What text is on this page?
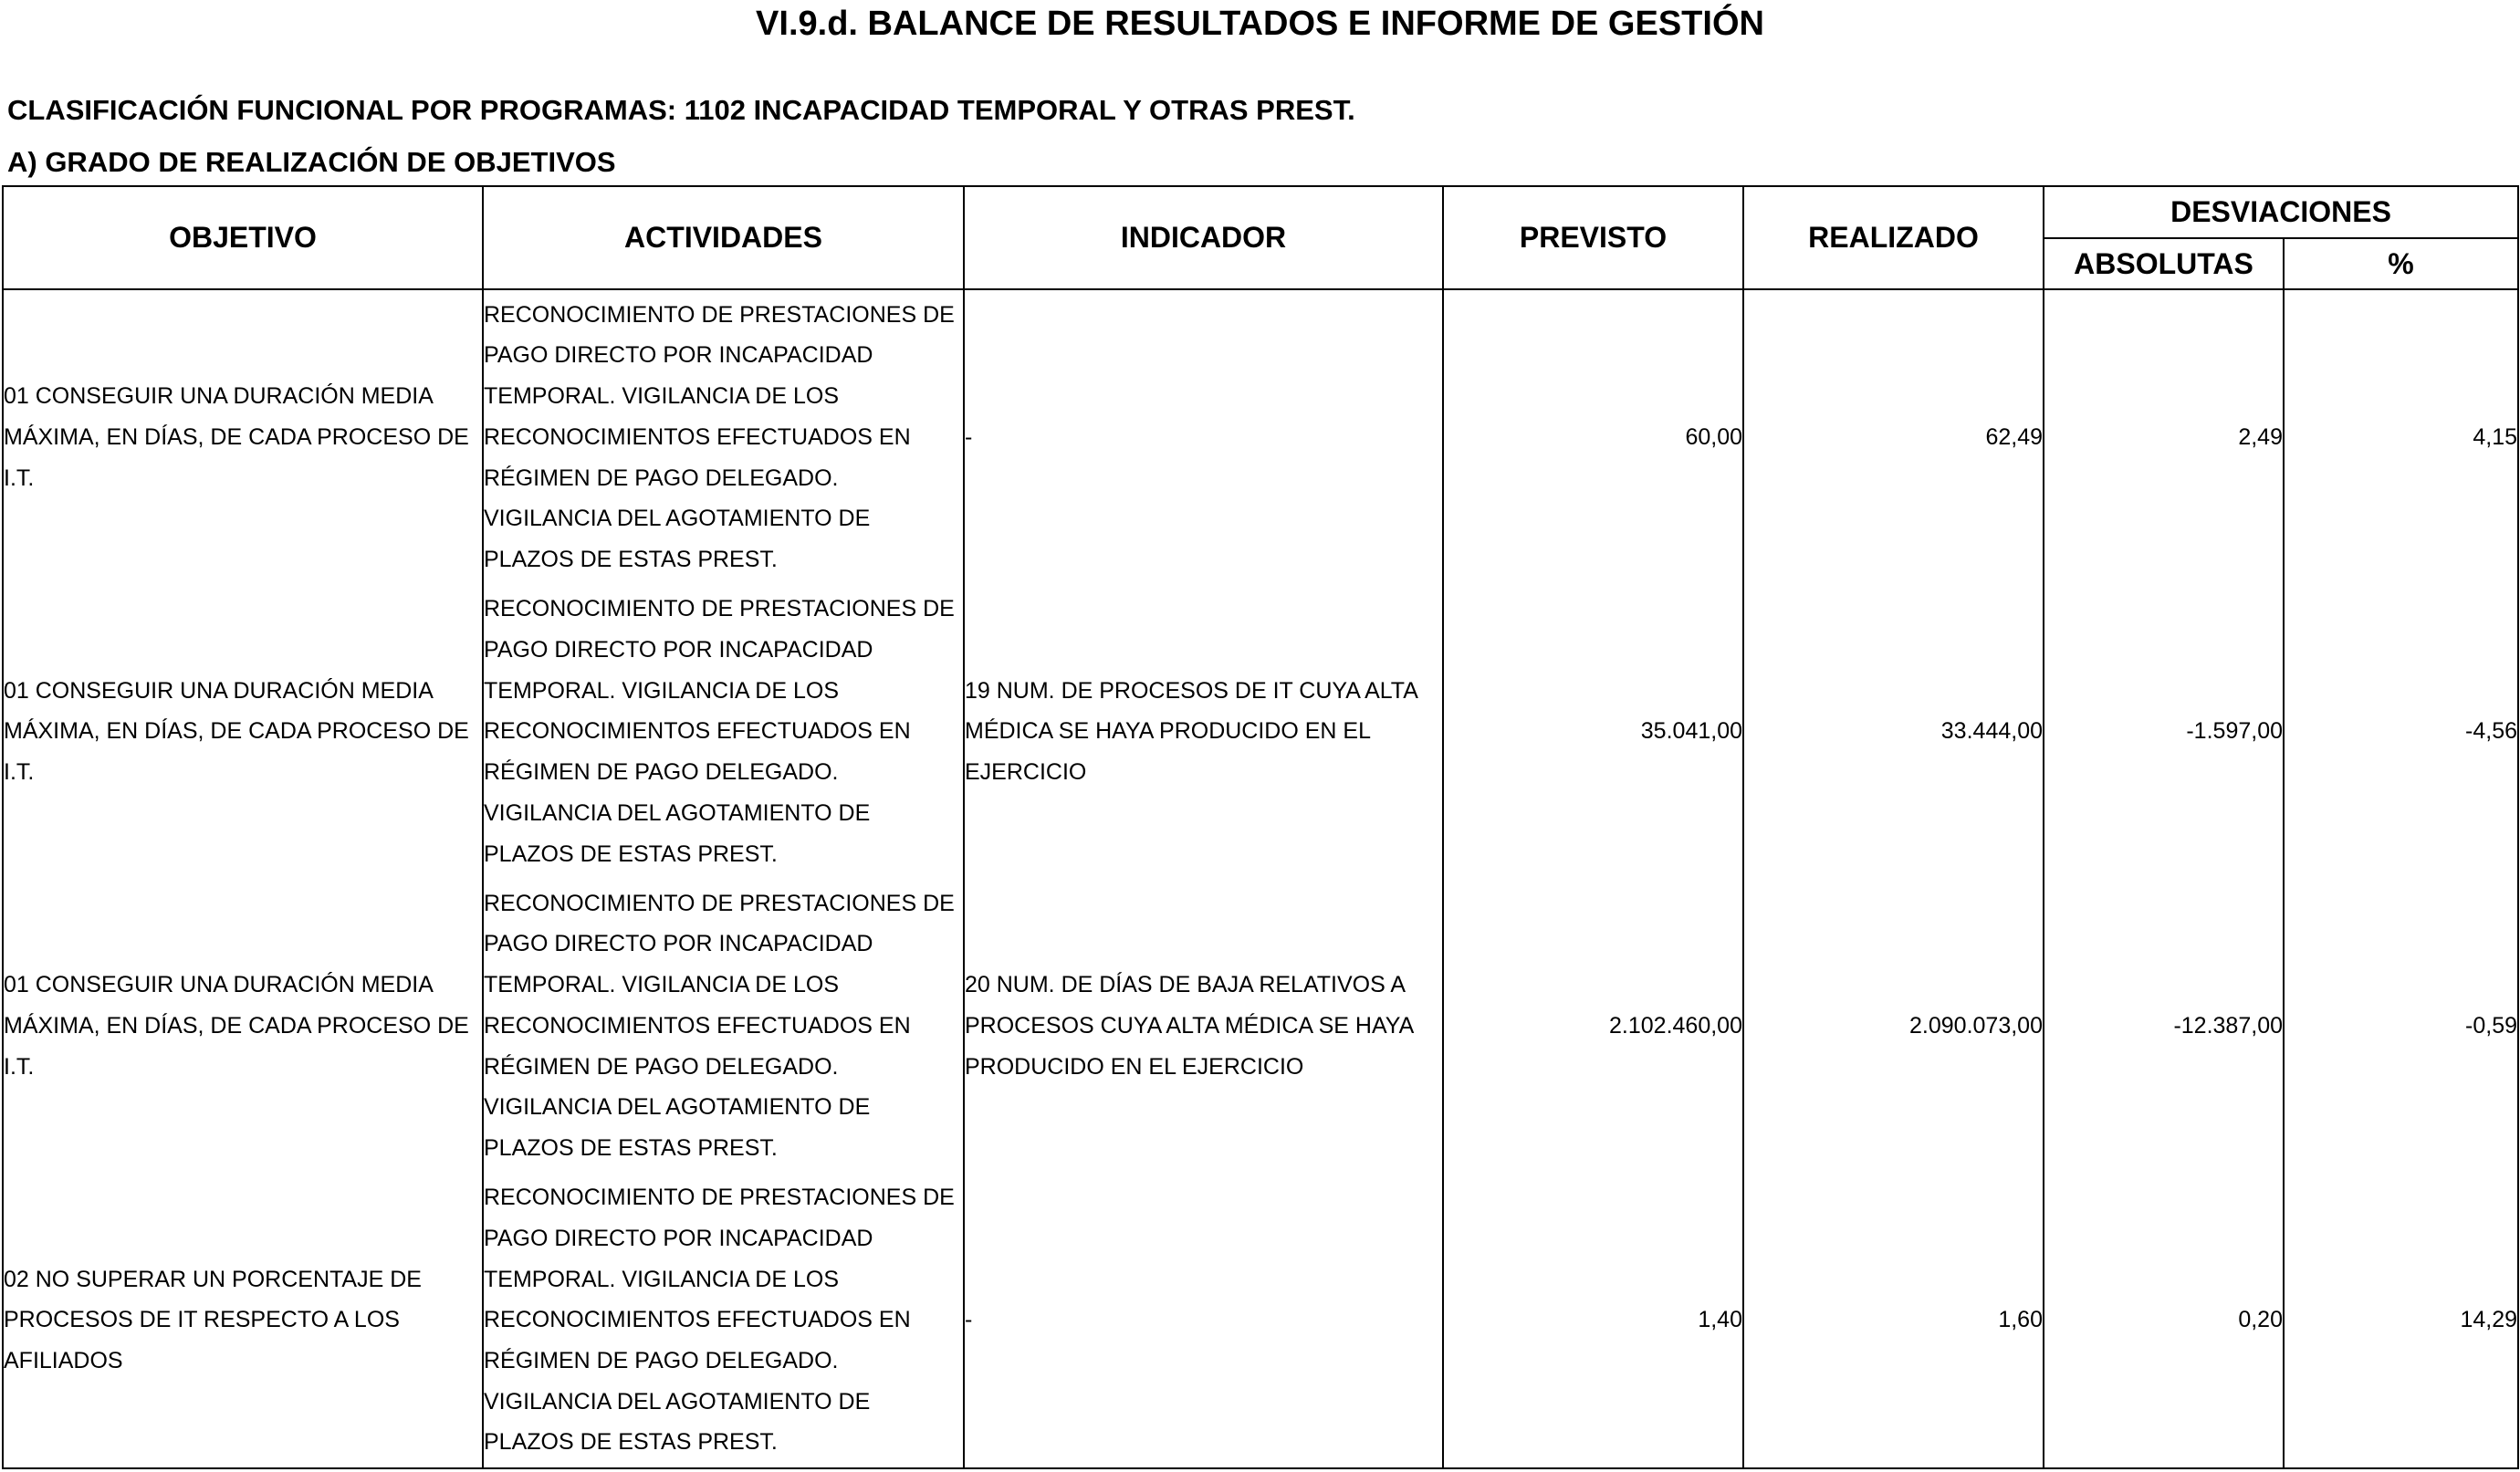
VI.9.d. BALANCE DE RESULTADOS E INFORME DE GESTIÓN
CLASIFICACIÓN FUNCIONAL POR PROGRAMAS: 1102 INCAPACIDAD TEMPORAL Y OTRAS PREST.
A) GRADO DE REALIZACIÓN DE OBJETIVOS
OBJETIVO	ACTIVIDADES	INDICADOR	PREVISTO	REALIZADO	DESVIACIONES	
					ABSOLUTAS	%

01 CONSEGUIR UNA DURACIÓN MEDIA MÁXIMA, EN DÍAS, DE CADA PROCESO DE I.T.	RECONOCIMIENTO DE PRESTACIONES DE PAGO DIRECTO POR INCAPACIDAD TEMPORAL. VIGILANCIA DE LOS RECONOCIMIENTOS EFECTUADOS EN RÉGIMEN DE PAGO DELEGADO. VIGILANCIA DEL AGOTAMIENTO DE PLAZOS DE ESTAS PREST.	-	60,00	62,49	2,49	4,15

01 CONSEGUIR UNA DURACIÓN MEDIA MÁXIMA, EN DÍAS, DE CADA PROCESO DE I.T.	RECONOCIMIENTO DE PRESTACIONES DE PAGO DIRECTO POR INCAPACIDAD TEMPORAL. VIGILANCIA DE LOS RECONOCIMIENTOS EFECTUADOS EN RÉGIMEN DE PAGO DELEGADO. VIGILANCIA DEL AGOTAMIENTO DE PLAZOS DE ESTAS PREST.	19 NUM. DE PROCESOS DE IT CUYA ALTA MÉDICA SE HAYA PRODUCIDO EN EL EJERCICIO	35.041,00	33.444,00	-1.597,00	-4,56

01 CONSEGUIR UNA DURACIÓN MEDIA MÁXIMA, EN DÍAS, DE CADA PROCESO DE I.T.	RECONOCIMIENTO DE PRESTACIONES DE PAGO DIRECTO POR INCAPACIDAD TEMPORAL. VIGILANCIA DE LOS RECONOCIMIENTOS EFECTUADOS EN RÉGIMEN DE PAGO DELEGADO. VIGILANCIA DEL AGOTAMIENTO DE PLAZOS DE ESTAS PREST.	20 NUM. DE DÍAS DE BAJA RELATIVOS A PROCESOS CUYA ALTA MÉDICA SE HAYA PRODUCIDO EN EL EJERCICIO	2.102.460,00	2.090.073,00	-12.387,00	-0,59

02 NO SUPERAR UN PORCENTAJE DE PROCESOS DE IT RESPECTO A LOS AFILIADOS	RECONOCIMIENTO DE PRESTACIONES DE PAGO DIRECTO POR INCAPACIDAD TEMPORAL. VIGILANCIA DE LOS RECONOCIMIENTOS EFECTUADOS EN RÉGIMEN DE PAGO DELEGADO. VIGILANCIA DEL AGOTAMIENTO DE PLAZOS DE ESTAS PREST.	-	1,40	1,60	0,20	14,29
